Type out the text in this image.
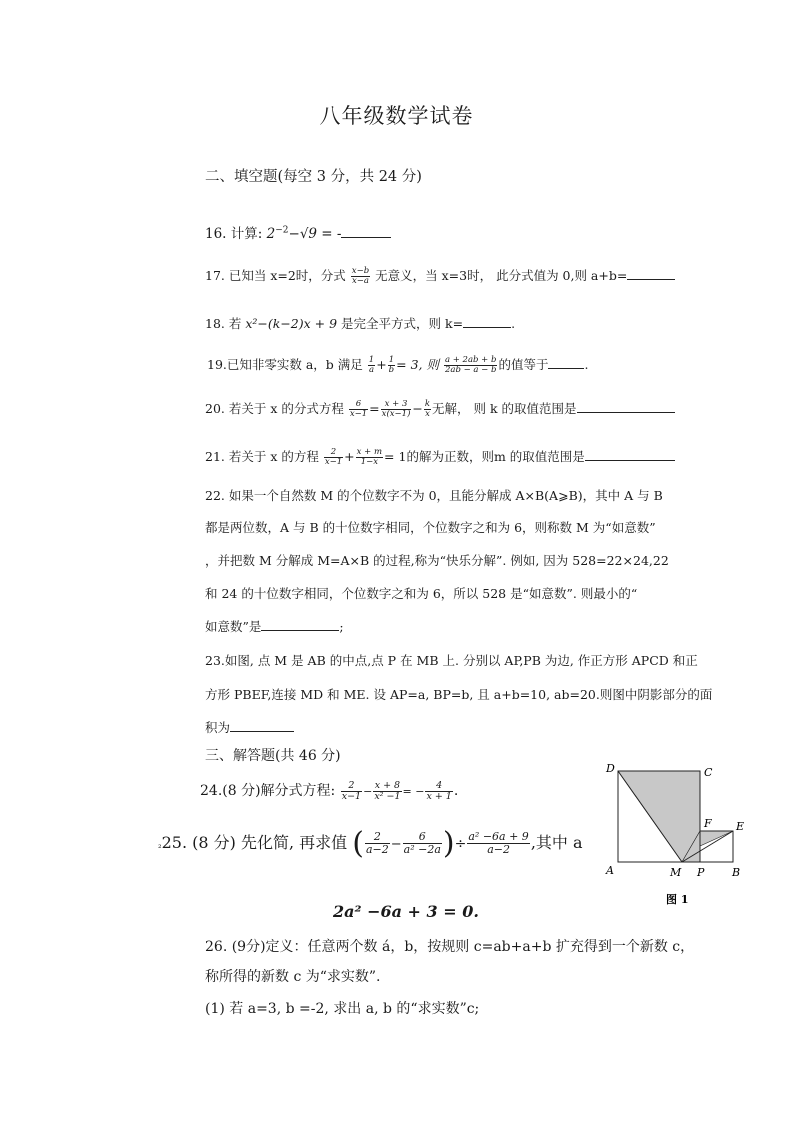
八年级数学试卷
二、填空题(每空 3 分，共 24 分)
16. 计算: $2^{-2}-√9$ = -
17. 已知当 x=2时，分式 $\frac{x-b}{x-a}$ 无意义，当 x=3时， 此分式值为 0,则 a+b=
18. 若 x²−(k−2)x + 9 是完全平方式，则 k=	.
19.已知非零实数 a，b 满足 $\frac{1}{a} + \frac{1}{b} = 3$, 则 $\frac{a + 2ab + b}{2ab - a - b}$ 的值等于	.
20. 若关于 x 的分式方程 $\frac{6}{x-1} = \frac{x + 3}{x(x-1)} - \frac{k}{x}$ 无解， 则 k 的取值范围是
21. 若关于 x 的方程 $\frac{2}{x-1} + \frac{x + m}{1-x} = 1$的解为正数，则m 的取值范围是
22. 如果一个自然数 M 的个位数字不为 0，且能分解成 A×B(A⩾B)，其中 A 与 B
都是两位数，A 与 B 的十位数字相同，个位数字之和为 6，则称数 M 为“如意数”
，并把数 M 分解成 M=A×B 的过程,称为“快乐分解”. 例如, 因为 528=22×24,22
和 24 的十位数字相同，个位数字之和为 6，所以 528 是“如意数”. 则最小的“
如意数”是	;
23.如图, 点 M 是 AB 的中点,点 P 在 MB 上. 分别以 AP,PB 为边, 作正方形 APCD 和正
方形 PBEF,连接 MD 和 ME. 设 AP=a, BP=b, 且 a+b=10, ab=20.则图中阴影部分的面
积为
三、解答题(共 46 分)
24.(8 分)解分式方程: $\frac{2}{x-1} - \frac{x + 8}{\text{x² −1}}$ = − $\frac{4}{x + 1}$ .
₂25. (8 分) 先化简, 再求值 ( $\frac{2}{a-2} - \frac{6}{\text{a² −2a}}$ )÷ $\frac{\text{a² −6a + 9}}{a-2}$ ,其中 a
2a² −6a + 3 = 0.
26. (9分)定义：任意两个数 á，b，按规则 c=ab+a+b 扩充得到一个新数 c，
称所得的新数 c 为“求实数”.
(1) 若 a=3, b =-2, 求出 a, b 的“求实数”c;
D	C
F E
A	M P	B
图 1
